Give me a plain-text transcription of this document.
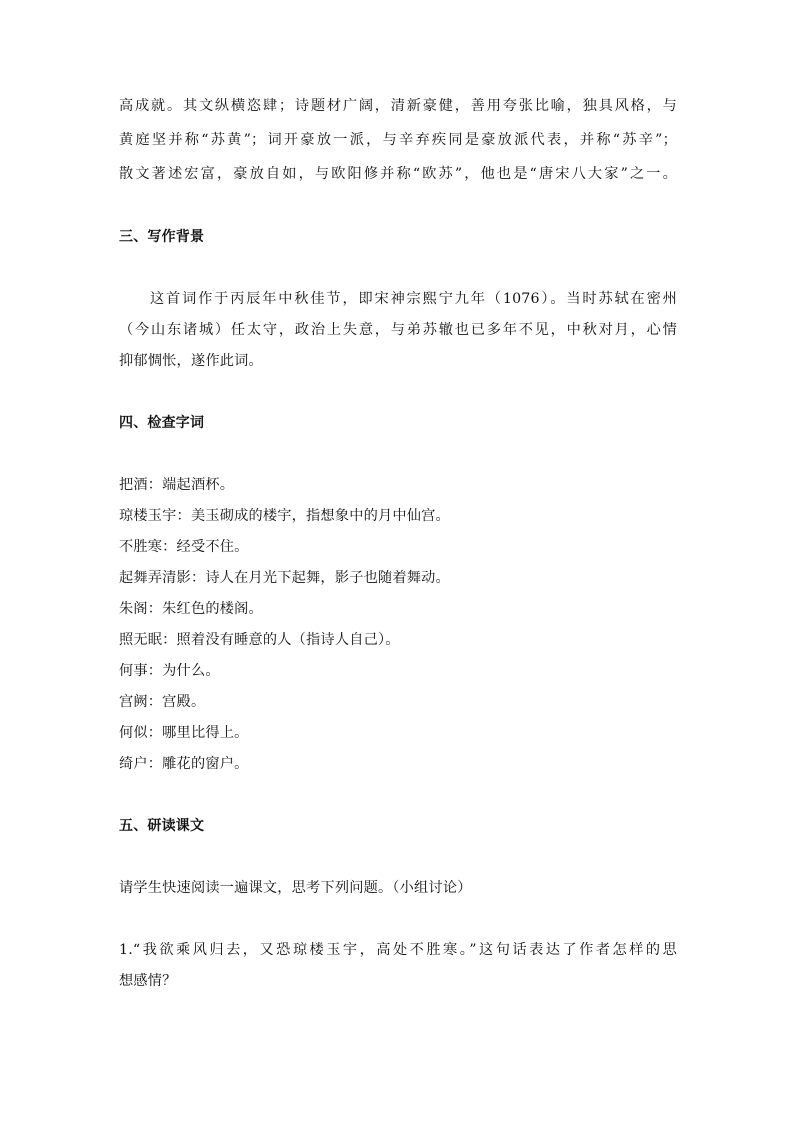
高成就。其文纵横恣肆；诗题材广阔，清新豪健，善用夸张比喻，独具风格，与
黄庭坚并称“苏黄”；词开豪放一派，与辛弃疾同是豪放派代表，并称“苏辛”；
散文著述宏富，豪放自如，与欧阳修并称“欧苏”，他也是“唐宋八大家”之一。
三、写作背景
这首词作于丙辰年中秋佳节，即宋神宗熙宁九年（1076）。当时苏轼在密州
（今山东诸城）任太守，政治上失意，与弟苏辙也已多年不见，中秋对月，心情
抑郁惆怅，遂作此词。
四、检查字词
把酒：端起酒杯。
琼楼玉宇：美玉砌成的楼宇，指想象中的月中仙宫。
不胜寒：经受不住。
起舞弄清影：诗人在月光下起舞，影子也随着舞动。
朱阁：朱红色的楼阁。
照无眠：照着没有睡意的人（指诗人自己）。
何事：为什么。
宫阙：宫殿。
何似：哪里比得上。
绮户：雕花的窗户。
五、研读课文
请学生快速阅读一遍课文，思考下列问题。（小组讨论）
1.“我欲乘风归去，又恐琼楼玉宇，高处不胜寒。”这句话表达了作者怎样的思
想感情？
